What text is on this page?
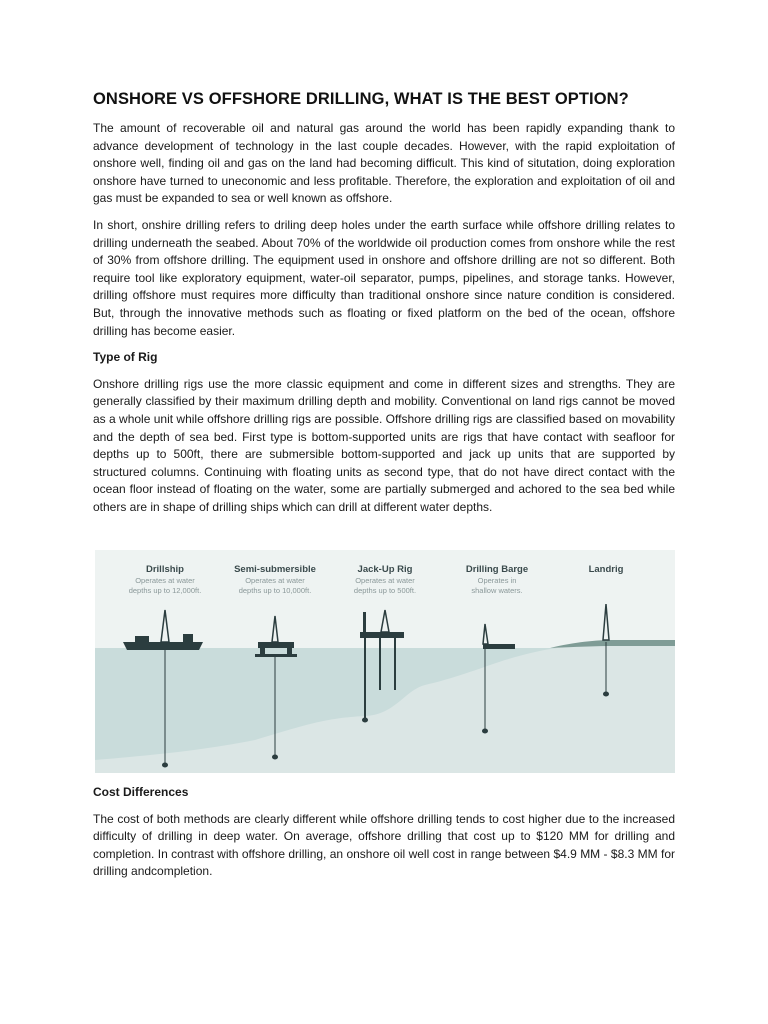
ONSHORE VS OFFSHORE DRILLING, WHAT IS THE BEST OPTION?

The amount of recoverable oil and natural gas around the world has been rapidly expanding thank to advance development of technology in the last couple decades. However, with the rapid exploitation of onshore well, finding oil and gas on the land had becoming difficult. This kind of situtation, doing exploration onshore have turned to uneconomic and less profitable. Therefore, the exploration and exploitation of oil and gas must be expanded to sea or well known as offshore.

In short, onshire drilling refers to driling deep holes under the earth surface while offshore drilling relates to drilling underneath the seabed. About 70% of the worldwide oil production comes from onshore while the rest of 30% from offshore drilling. The equipment used in onshore and offshore drilling are not so different. Both require tool like exploratory equipment, water-oil separator, pumps, pipelines, and storage tanks. However, drilling offshore must requires more difficulty than traditional onshore since nature condition is considered. But, through the innovative methods such as floating or fixed platform on the bed of the ocean, offshore drilling has become easier.

Type of Rig

Onshore drilling rigs use the more classic equipment and come in different sizes and strengths. They are generally classified by their maximum drilling depth and mobility. Conventional on land rigs cannot be moved as a whole unit while offshore drilling rigs are possible. Offshore drilling rigs are classified based on movability and the depth of sea bed. First type is bottom-supported units are rigs that have contact with seafloor for depths up to 500ft, there are submersible bottom-supported and jack up units that are supported by structured columns. Continuing with floating units as second type, that do not have direct contact with the ocean floor instead of floating on the water, some are partially submerged and achored to the sea bed while others are in shape of drilling ships which can drill at different water depths.

Drillship
Operates at water
depths up to 12,000ft.
Semi-submersible
Operates at water
depths up to 10,000ft.
Jack-Up Rig
Operates at water
depths up to 500ft.
Drilling Barge
Operates in
shallow waters.
Landrig
Cost Differences

The cost of both methods are clearly different while offshore drilling tends to cost higher due to the increased difficulty of drilling in deep water. On average, offshore drilling that cost up to $120 MM for drilling and completion. In contrast with offshore drilling, an onshore oil well cost in range between $4.9 MM - $8.3 MM for drilling andcompletion.
